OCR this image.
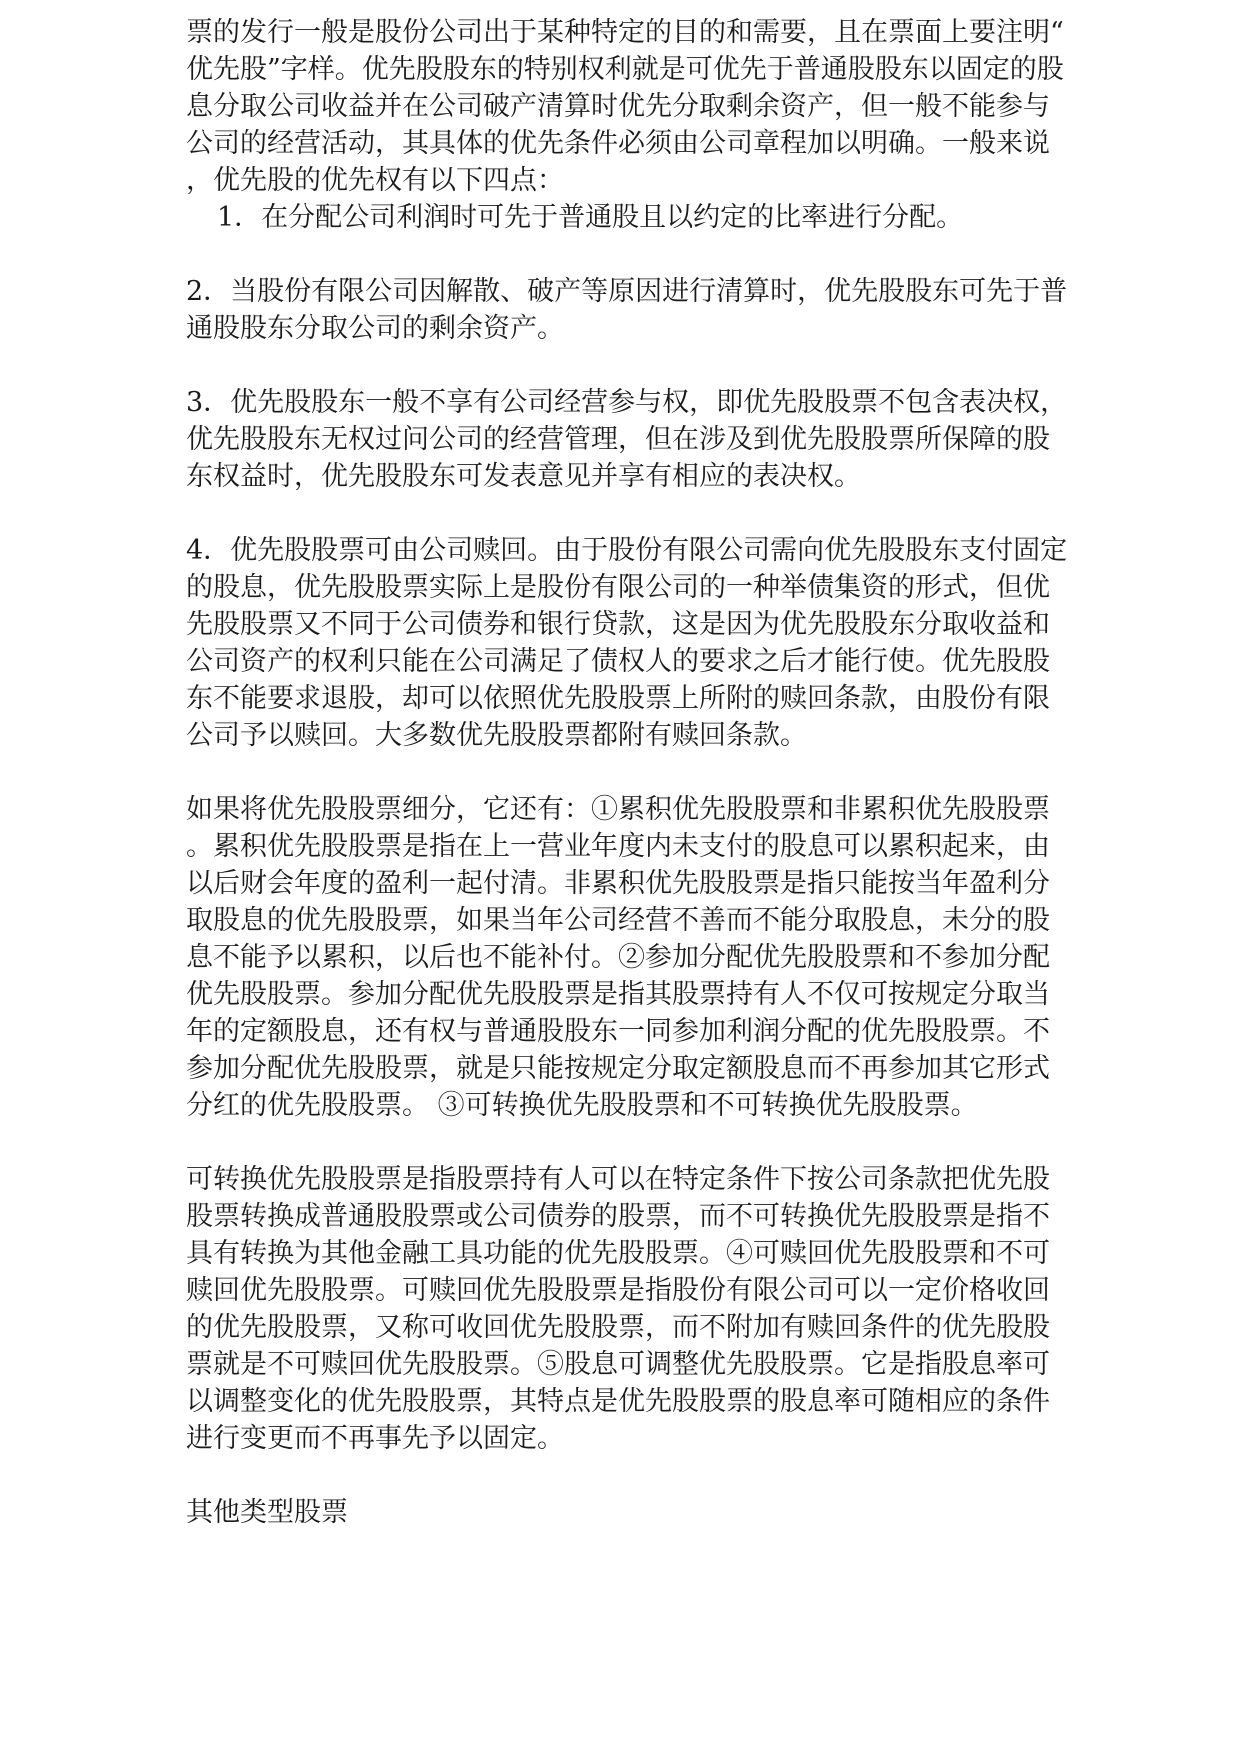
票的发行一般是股份公司出于某种特定的目的和需要，且在票面上要注明“
优先股”字样。优先股股东的特别权利就是可优先于普通股股东以固定的股
息分取公司收益并在公司破产清算时优先分取剩余资产，但一般不能参与
公司的经营活动，其具体的优先条件必须由公司章程加以明确。一般来说
，优先股的优先权有以下四点：

1．在分配公司利润时可先于普通股且以约定的比率进行分配。

2．当股份有限公司因解散、破产等原因进行清算时，优先股股东可先于普
通股股东分取公司的剩余资产。

3．优先股股东一般不享有公司经营参与权，即优先股股票不包含表决权，
优先股股东无权过问公司的经营管理，但在涉及到优先股股票所保障的股
东权益时，优先股股东可发表意见并享有相应的表决权。

4．优先股股票可由公司赎回。由于股份有限公司需向优先股股东支付固定
的股息，优先股股票实际上是股份有限公司的一种举债集资的形式，但优
先股股票又不同于公司债券和银行贷款，这是因为优先股股东分取收益和
公司资产的权利只能在公司满足了债权人的要求之后才能行使。优先股股
东不能要求退股，却可以依照优先股股票上所附的赎回条款，由股份有限
公司予以赎回。大多数优先股股票都附有赎回条款。

如果将优先股股票细分，它还有：①累积优先股股票和非累积优先股股票
。累积优先股股票是指在上一营业年度内未支付的股息可以累积起来，由
以后财会年度的盈利一起付清。非累积优先股股票是指只能按当年盈利分
取股息的优先股股票，如果当年公司经营不善而不能分取股息，未分的股
息不能予以累积，以后也不能补付。②参加分配优先股股票和不参加分配
优先股股票。参加分配优先股股票是指其股票持有人不仅可按规定分取当
年的定额股息，还有权与普通股股东一同参加利润分配的优先股股票。不
参加分配优先股股票，就是只能按规定分取定额股息而不再参加其它形式
分红的优先股股票。 ③可转换优先股股票和不可转换优先股股票。

可转换优先股股票是指股票持有人可以在特定条件下按公司条款把优先股
股票转换成普通股股票或公司债券的股票，而不可转换优先股股票是指不
具有转换为其他金融工具功能的优先股股票。④可赎回优先股股票和不可
赎回优先股股票。可赎回优先股股票是指股份有限公司可以一定价格收回
的优先股股票，又称可收回优先股股票，而不附加有赎回条件的优先股股
票就是不可赎回优先股股票。⑤股息可调整优先股股票。它是指股息率可
以调整变化的优先股股票，其特点是优先股股票的股息率可随相应的条件
进行变更而不再事先予以固定。

其他类型股票
